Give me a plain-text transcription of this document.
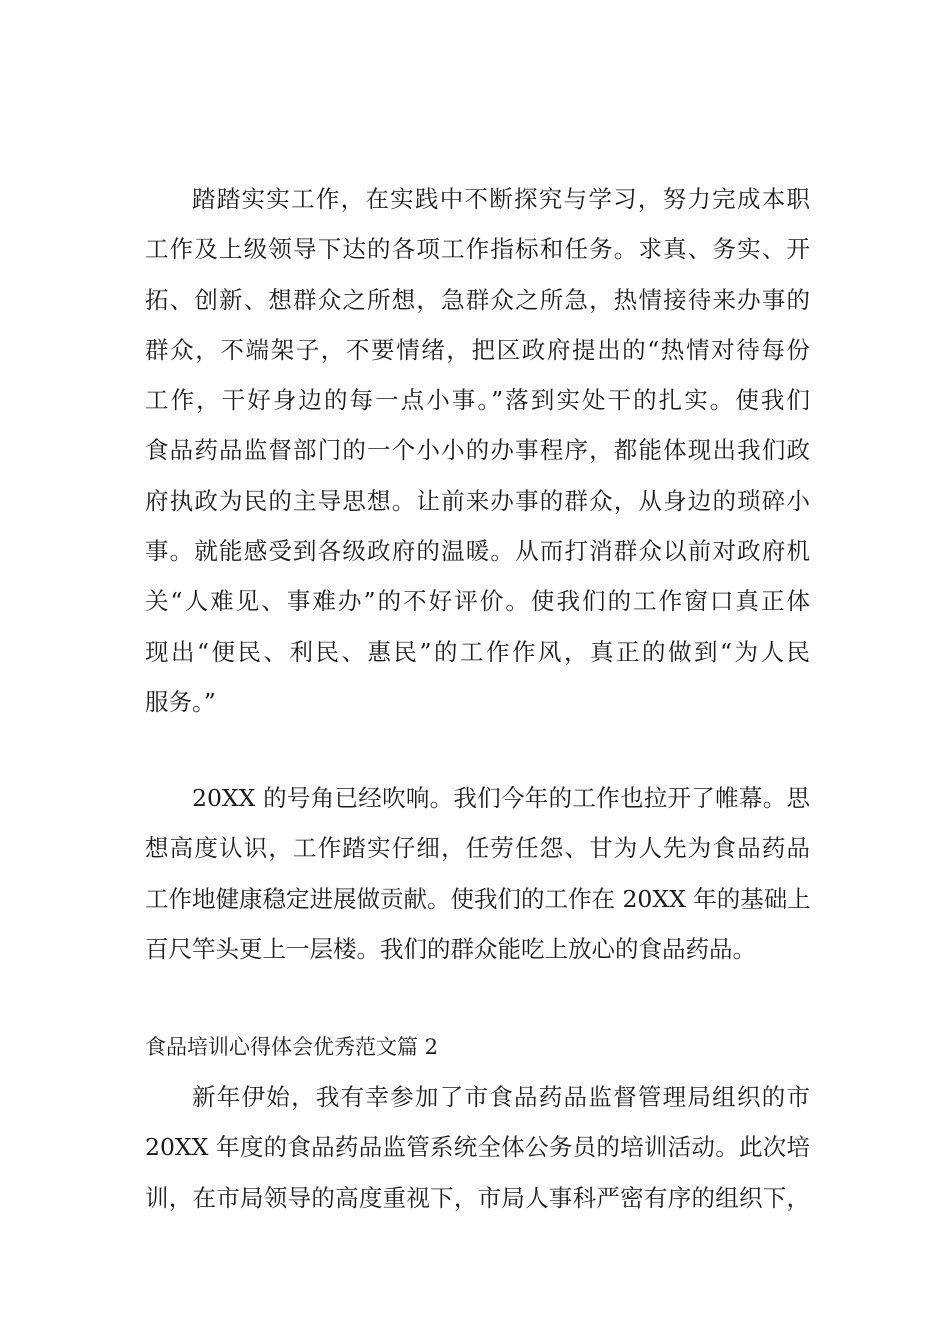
踏踏实实工作，在实践中不断探究与学习，努力完成本职
工作及上级领导下达的各项工作指标和任务。求真、务实、开
拓、创新、想群众之所想，急群众之所急，热情接待来办事的
群众，不端架子，不要情绪，把区政府提出的“热情对待每份
工作，干好身边的每一点小事。”落到实处干的扎实。使我们
食品药品监督部门的一个小小的办事程序，都能体现出我们政
府执政为民的主导思想。让前来办事的群众，从身边的琐碎小
事。就能感受到各级政府的温暖。从而打消群众以前对政府机
关“人难见、事难办”的不好评价。使我们的工作窗口真正体
现出“便民、利民、惠民”的工作作风，真正的做到“为人民
服务。”
20XX 的号角已经吹响。我们今年的工作也拉开了帷幕。思
想高度认识，工作踏实仔细，任劳任怨、甘为人先为食品药品
工作地健康稳定进展做贡献。使我们的工作在 20XX 年的基础上
百尺竿头更上一层楼。我们的群众能吃上放心的食品药品。
食品培训心得体会优秀范文篇 2
新年伊始，我有幸参加了市食品药品监督管理局组织的市
20XX 年度的食品药品监管系统全体公务员的培训活动。此次培
训，在市局领导的高度重视下，市局人事科严密有序的组织下，
